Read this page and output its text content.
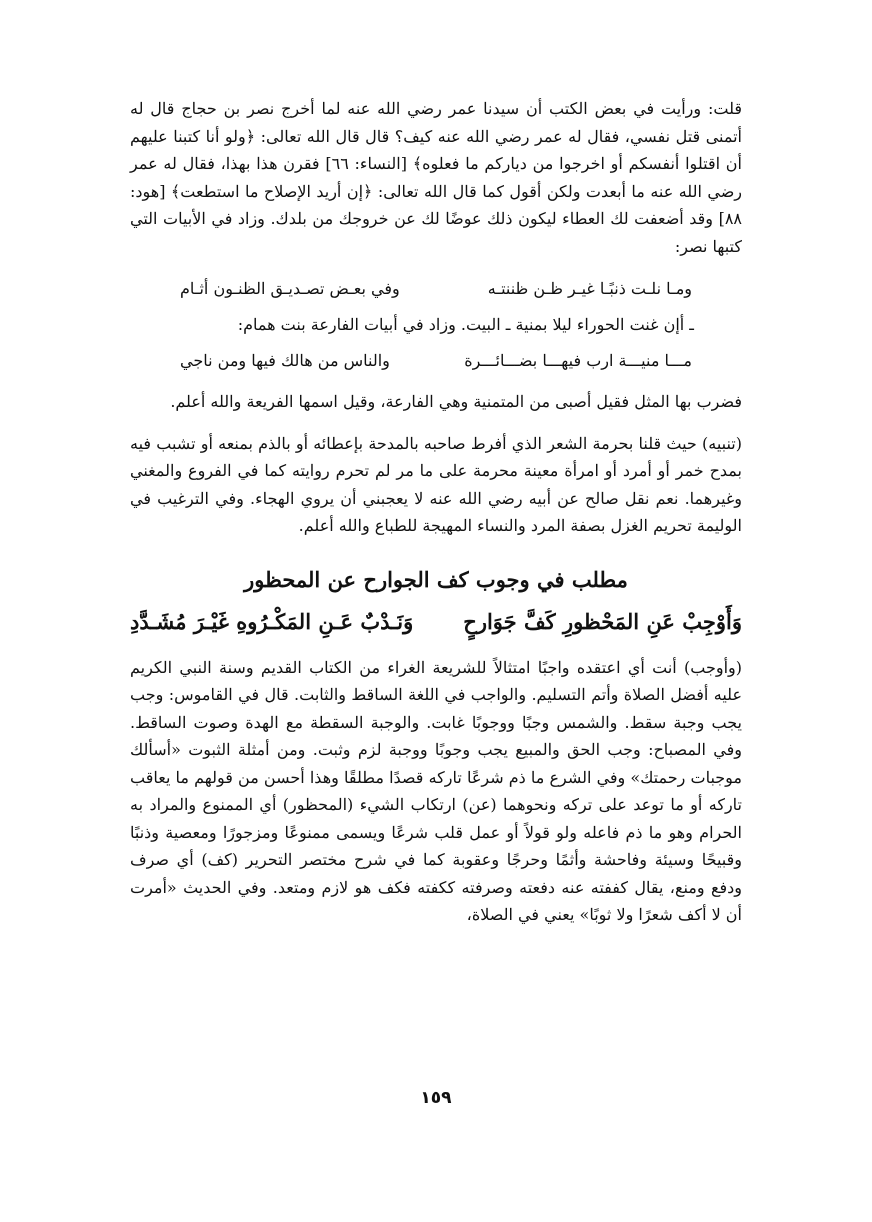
قلت: ورأيت في بعض الكتب أن سيدنا عمر رضي الله عنه لما أخرج نصر بن حجاج قال له أتمنى قتل نفسي، فقال له عمر رضي الله عنه كيف؟ قال قال الله تعالى: ﴿ولو أنا كتبنا عليهم أن اقتلوا أنفسكم أو اخرجوا من دياركم ما فعلوه﴾ [النساء: ٦٦] فقرن هذا بهذا، فقال له عمر رضي الله عنه ما أبعدت ولكن أقول كما قال الله تعالى: ﴿إن أريد الإصلاح ما استطعت﴾ [هود: ٨٨] وقد أضعفت لك العطاء ليكون ذلك عوضًا لك عن خروجك من بلدك. وزاد في الأبيات التي كتبها نصر:

ومـا نلـت ذنبًـا غيـر ظـن ظننتـه
وفي بعـض تصـديـق الظنـون أثـام
ـ أإن غنت الحوراء ليلا بمنية ـ البيت. وزاد في أبيات الفارعة بنت همام:
مـــا منيـــة ارب فيهـــا بضـــائـــرة
والناس من هالك فيها ومن ناجي

فضرب بها المثل فقيل أصبى من المتمنية وهي الفارعة، وقيل اسمها الفريعة والله أعلم.

(تنبيه) حيث قلنا بحرمة الشعر الذي أفرط صاحبه بالمدحة بإعطائه أو بالذم بمنعه أو تشبب فيه بمدح خمر أو أمرد أو امرأة معينة محرمة على ما مر لم تحرم روايته كما في الفروع والمغني وغيرهما. نعم نقل صالح عن أبيه رضي الله عنه لا يعجبني أن يروي الهجاء. وفي الترغيب في الوليمة تحريم الغزل بصفة المرد والنساء المهيجة للطباع والله أعلم.

مطلب في وجوب كف الجوارح عن المحظور
وَأَوْجِبْ عَنِ المَحْظورِ كَفَّ جَوَارحٍ
وَنَـدْبٌ عَـنِ المَكْـرُوهِ غَيْـرَ مُشَـدَّدِ

(وأوجب) أنت أي اعتقده واجبًا امتثالاً للشريعة الغراء من الكتاب القديم وسنة النبي الكريم عليه أفضل الصلاة وأتم التسليم. والواجب في اللغة الساقط والثابت. قال في القاموس: وجب يجب وجبة سقط. والشمس وجبًا ووجوبًا غابت. والوجبة السقطة مع الهدة وصوت الساقط. وفي المصباح: وجب الحق والمبيع يجب وجوبًا ووجبة لزم وثبت. ومن أمثلة الثبوت «أسألك موجبات رحمتك» وفي الشرع ما ذم شرعًا تاركه قصدًا مطلقًا وهذا أحسن من قولهم ما يعاقب تاركه أو ما توعد على تركه ونحوهما (عن) ارتكاب الشيء (المحظور) أي الممنوع والمراد به الحرام وهو ما ذم فاعله ولو قولاً أو عمل قلب شرعًا ويسمى ممنوعًا ومزجورًا ومعصية وذنبًا وقبيحًا وسيئة وفاحشة وأثمًا وحرجًا وعقوبة كما في شرح مختصر التحرير (كف) أي صرف ودفع ومنع، يقال كففته عنه دفعته وصرفته ككفته فكف هو لازم ومتعد. وفي الحديث «أمرت أن لا أكف شعرًا ولا ثوبًا» يعني في الصلاة،

١٥٩
